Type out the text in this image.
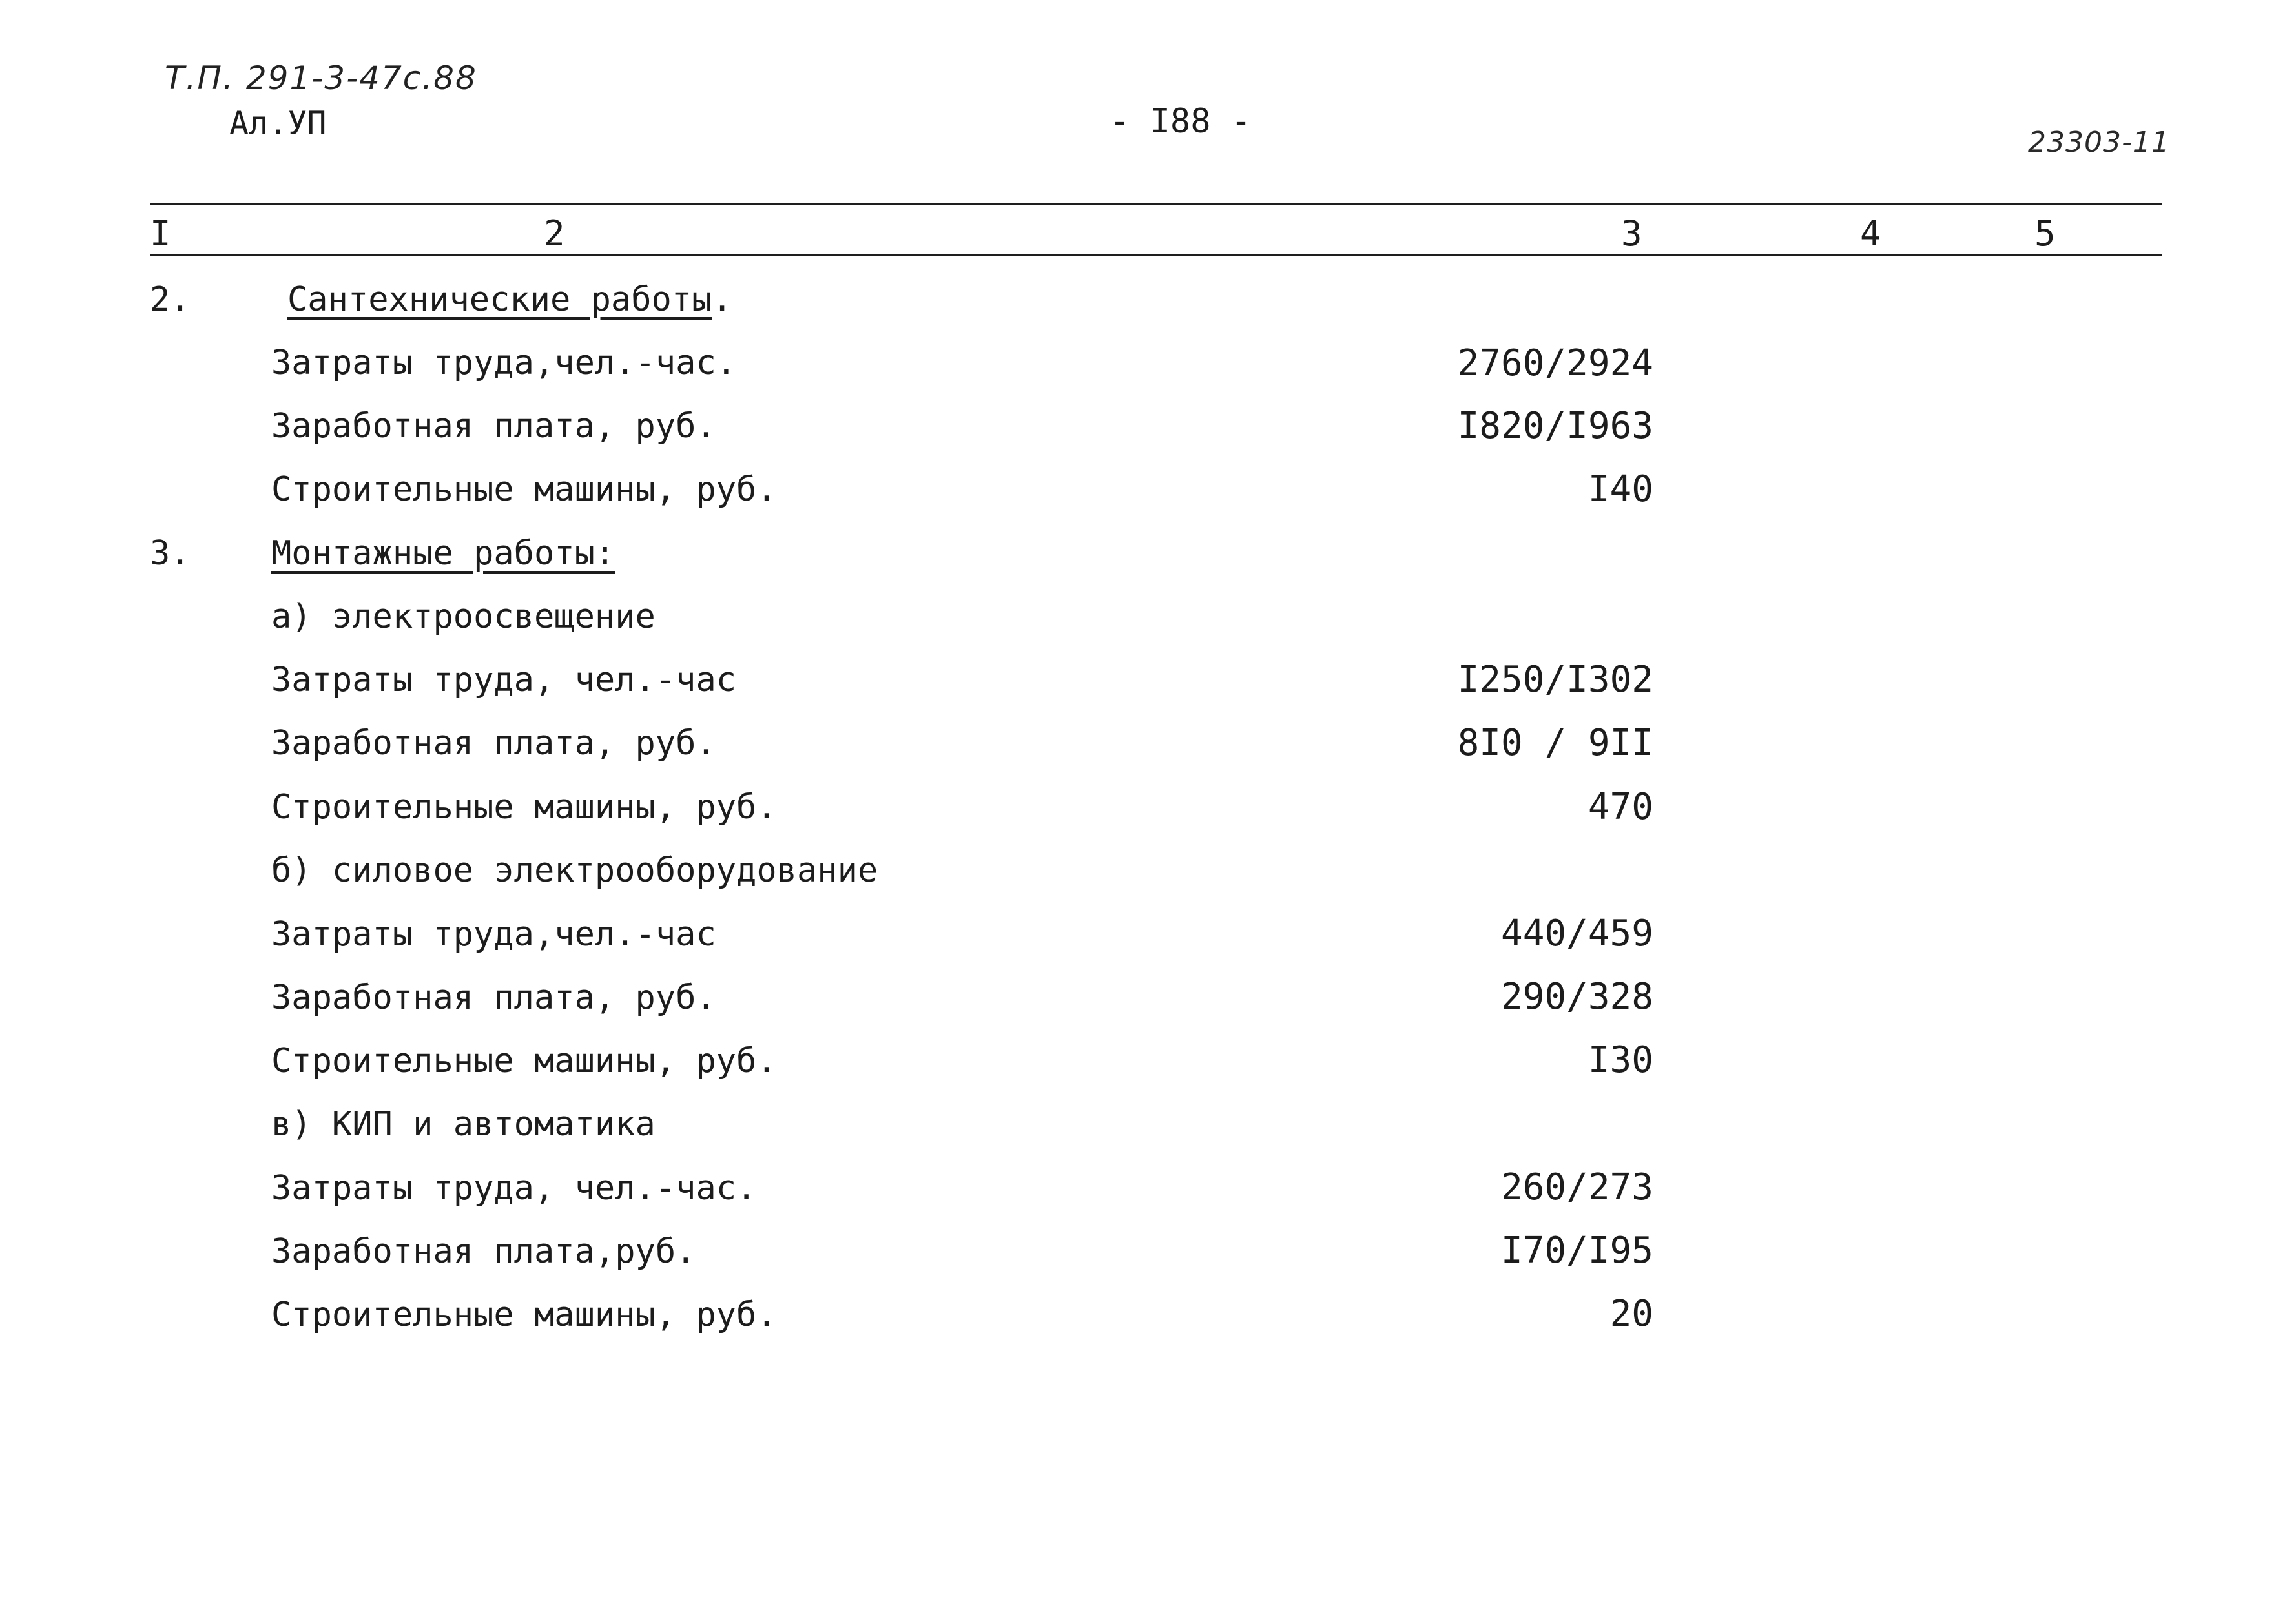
Т.П. 291-3-47с.88
Ал.УП	- I88 -
23303-11
I	2	3	4	5
2.	Сантехнические работы.
Затраты труда,чел.-час.	2760/2924
Заработная плата, руб.	I820/I963
Строительные машины, руб.	I40
3. Монтажные работы:
а) электроосвещение
Затраты труда, чел.-час	I250/I302
Заработная плата, руб.	8I0 / 9II
Строительные машины, руб.	470
б) силовое электрооборудование
Затраты труда,чел.-час	440/459
Заработная плата, руб.	290/328
Строительные машины, руб.	I30
в) КИП и автоматика
Затраты труда, чел.-час.	260/273
Заработная плата,руб.	I70/I95
Строительные машины, руб.	20
